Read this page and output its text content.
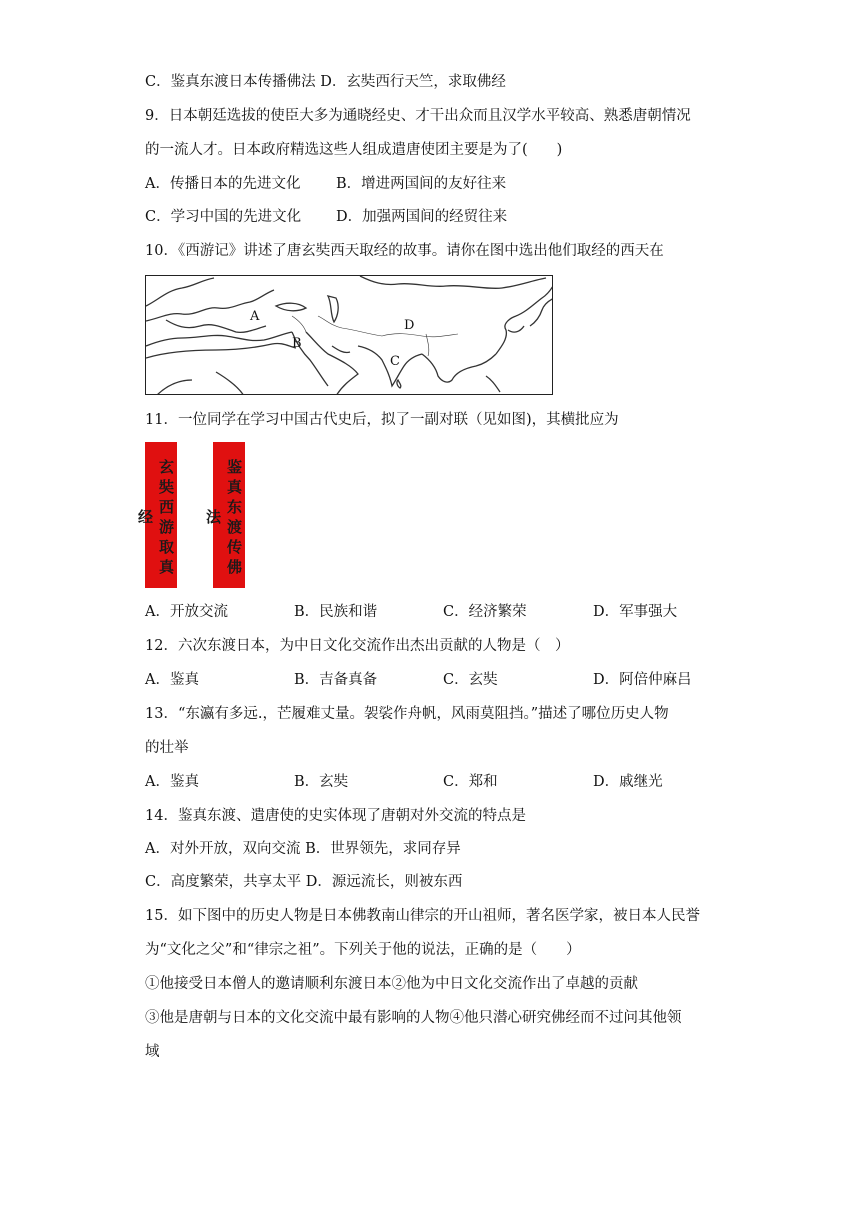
C．鉴真东渡日本传播佛法 D．玄奘西行天竺，求取佛经
9．日本朝廷选拔的使臣大多为通晓经史、才干出众而且汉学水平较高、熟悉唐朝情况
的一流人才。日本政府精选这些人组成遣唐使团主要是为了(　　)
A．传播日本的先进文化 B．增进两国间的友好往来
C．学习中国的先进文化 D．加强两国间的经贸往来
10．《西游记》讲述了唐玄奘西天取经的故事。请你在图中选出他们取经的西天在
A
B
C
D
11．一位同学在学习中国古代史后，拟了一副对联（见如图)，其横批应为
玄奘西游取真经	鉴真东渡传佛法
A．开放交流	B．民族和谐	C．经济繁荣	D．军事强大
12．六次东渡日本，为中日文化交流作出杰出贡献的人物是（　）
A．鉴真	B．吉备真备	C．玄奘	D．阿倍仲麻吕
13．“东瀛有多远.，芒履难丈量。袈裟作舟帆，风雨莫阻挡。”描述了哪位历史人物
的壮举
A．鉴真	B．玄奘	C．郑和	D．戚继光
14．鉴真东渡、遣唐使的史实体现了唐朝对外交流的特点是
A．对外开放，双向交流 B．世界领先，求同存异
C．高度繁荣，共享太平 D．源远流长，则被东西
15．如下图中的历史人物是日本佛教南山律宗的开山祖师，著名医学家，被日本人民誉
为“文化之父”和“律宗之祖”。下列关于他的说法，正确的是（　　）
①他接受日本僧人的邀请顺利东渡日本②他为中日文化交流作出了卓越的贡献
③他是唐朝与日本的文化交流中最有影响的人物④他只潜心研究佛经而不过问其他领
域
